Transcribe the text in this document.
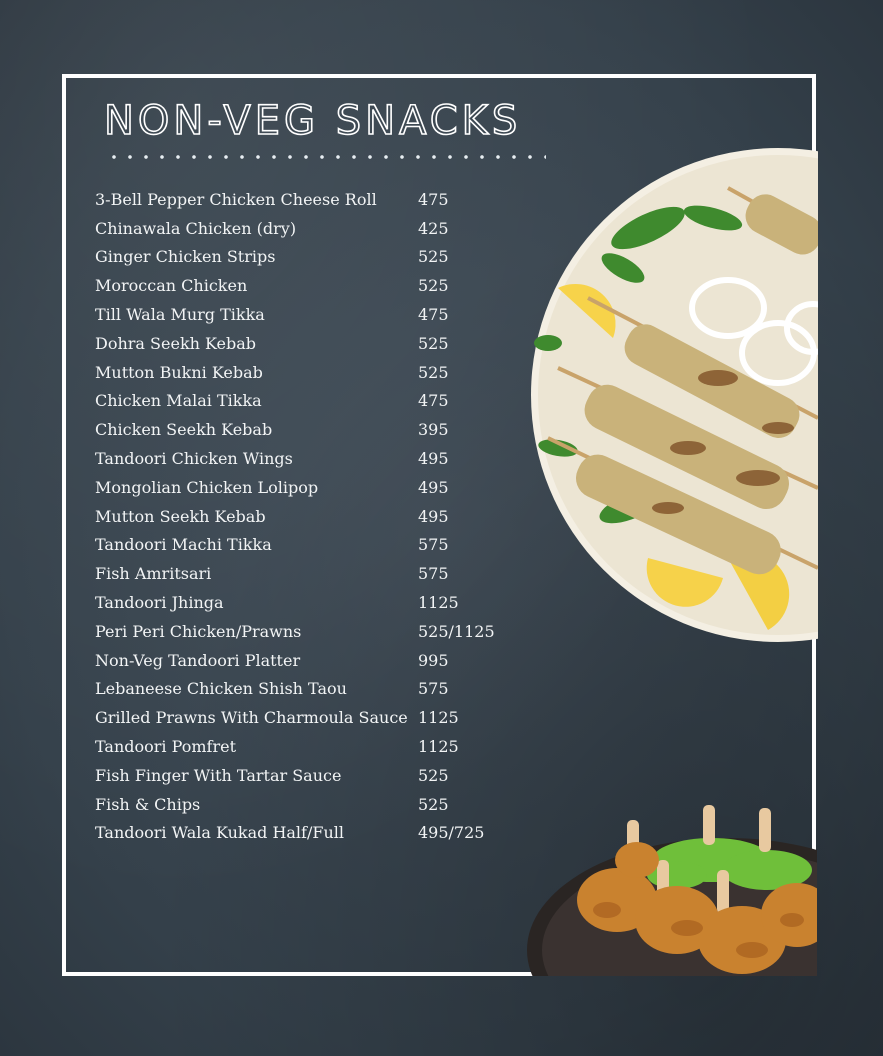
NON-VEG SNACKS
3-Bell Pepper Chicken Cheese Roll	475
Chinawala Chicken (dry)	425
Ginger Chicken Strips	525
Moroccan Chicken	525
Till Wala Murg Tikka	475
Dohra Seekh Kebab	525
Mutton Bukni Kebab	525
Chicken Malai Tikka	475
Chicken Seekh Kebab	395
Tandoori Chicken Wings	495
Mongolian Chicken Lolipop	495
Mutton Seekh Kebab	495
Tandoori Machi Tikka	575
Fish Amritsari	575
Tandoori Jhinga	1125
Peri Peri Chicken/Prawns	525/1125
Non-Veg Tandoori Platter	995
Lebaneese Chicken Shish Taou	575
Grilled Prawns With Charmoula Sauce 1125
Tandoori Pomfret	1125
Fish Finger With Tartar Sauce	525
Fish & Chips	525
Tandoori Wala Kukad Half/Full	495/725
